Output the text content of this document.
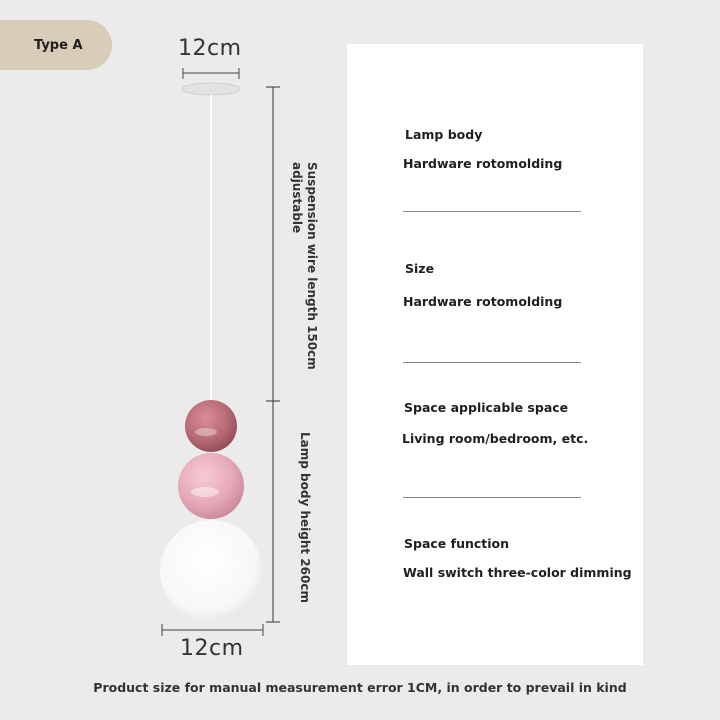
Type A	12cm
Suspension wire length 150cm adjustable
Lamp body height 260cm
12cm
Lamp body
Hardware rotomolding
Size
Hardware rotomolding
Space applicable space
Living room/bedroom, etc.
Space function
Wall switch three-color dimming
Product size for manual measurement error 1CM, in order to prevail in kind
